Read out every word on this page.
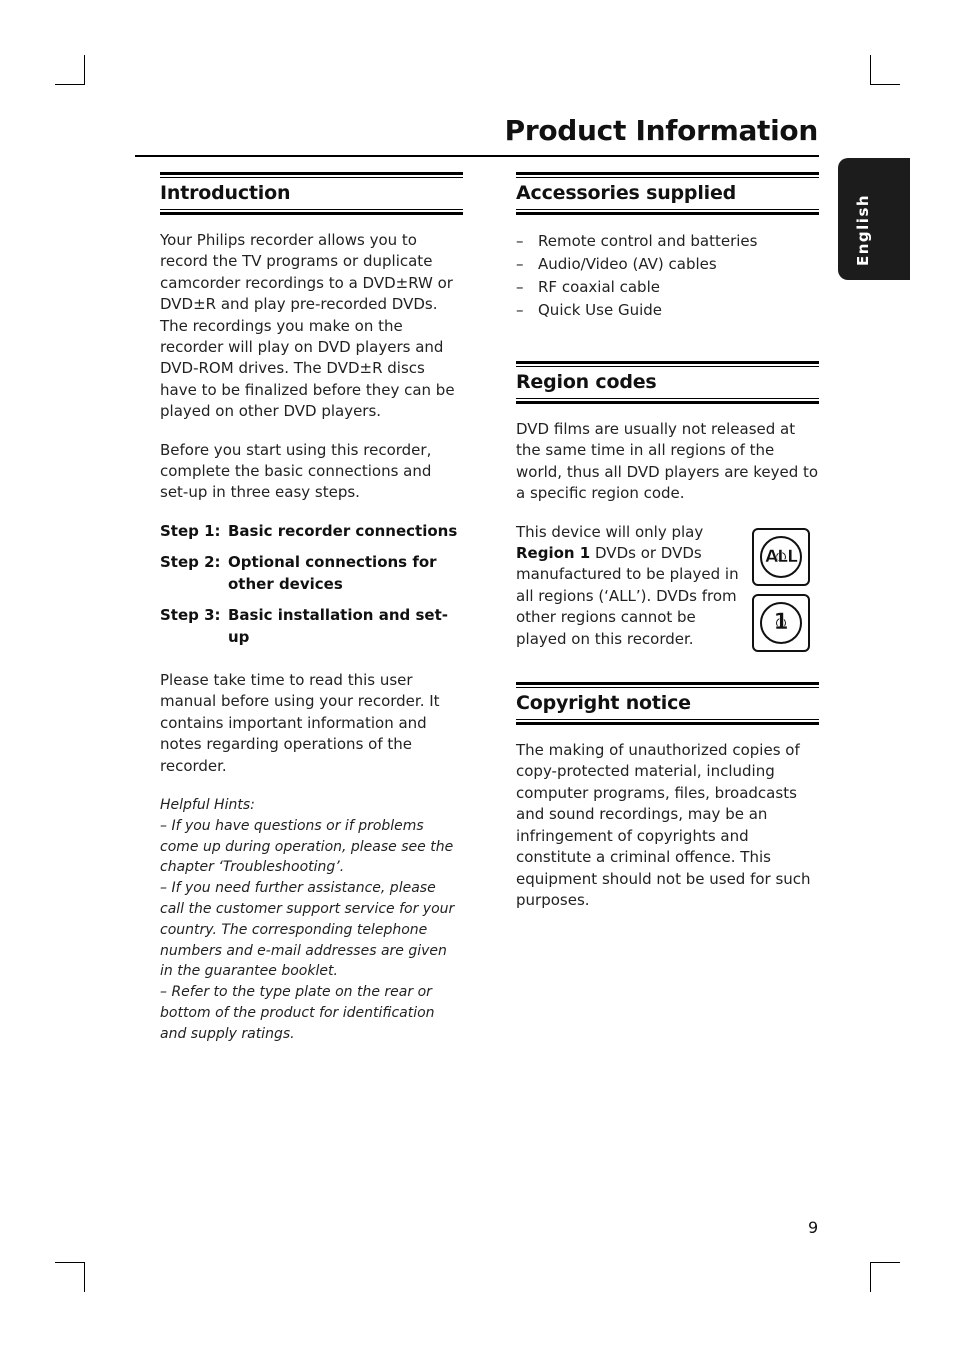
Product Information
English
Introduction

Your Philips recorder allows you to record the TV programs or duplicate camcorder recordings to a DVD±RW or DVD±R and play pre-recorded DVDs. The recordings you make on the recorder will play on DVD players and DVD-ROM drives. The DVD±R discs have to be finalized before they can be played on other DVD players.

Before you start using this recorder, complete the basic connections and set-up in three easy steps.

Step 1: Basic recorder connections
Step 2: Optional connections for other devices
Step 3: Basic installation and set-up

Please take time to read this user manual before using your recorder. It contains important information and notes regarding operations of the recorder.

Helpful Hints:
– If you have questions or if problems come up during operation, please see the chapter ‘Troubleshooting’.
– If you need further assistance, please call the customer support service for your country. The corresponding telephone numbers and e-mail addresses are given in the guarantee booklet.
– Refer to the type plate on the rear or bottom of the product for identification and supply ratings.
Accessories supplied
– Remote control and batteries
– Audio/Video (AV) cables
– RF coaxial cable
– Quick Use Guide
Region codes

DVD films are usually not released at the same time in all regions of the world, thus all DVD players are keyed to a specific region code.

This device will only play Region 1 DVDs or DVDs manufactured to be played in all regions (‘ALL’). DVDs from other regions cannot be played on this recorder.

ALL
1
Copyright notice

The making of unauthorized copies of copy-protected material, including computer programs, files, broadcasts and sound recordings, may be an infringement of copyrights and constitute a criminal offence. This equipment should not be used for such purposes.

9
